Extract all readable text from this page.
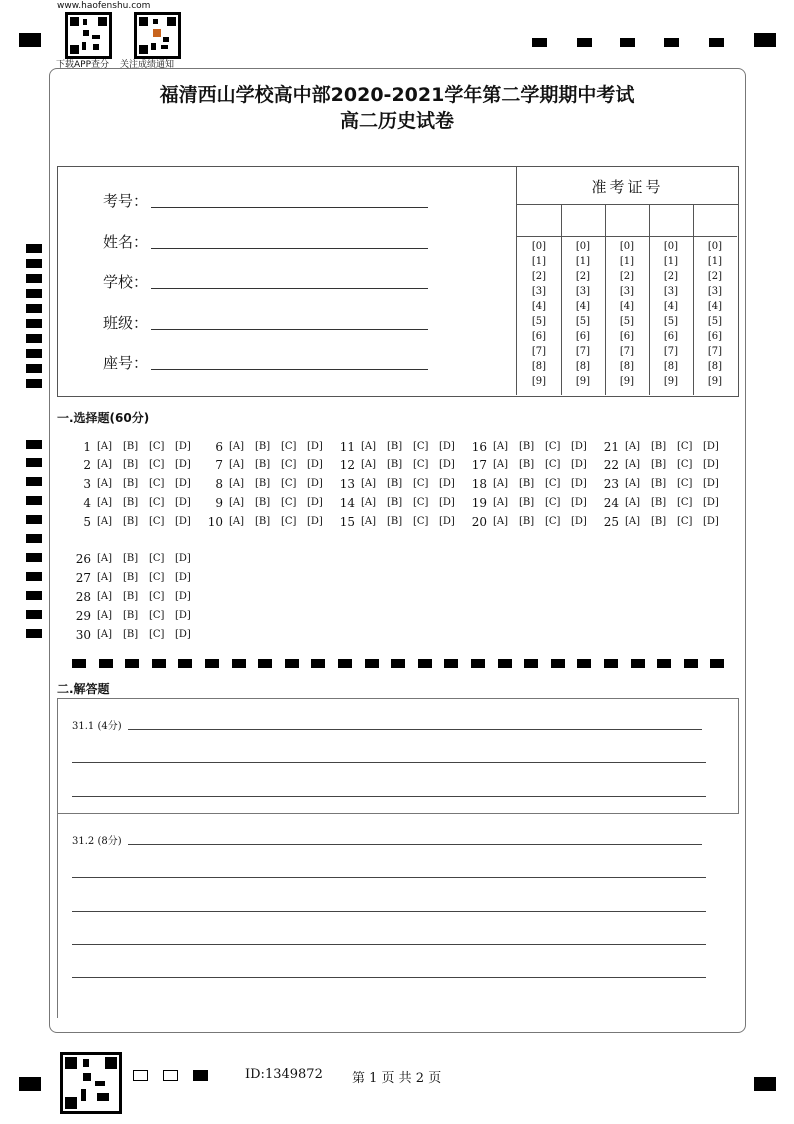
www.haofenshu.com
下载APP查分 关注成绩通知
福清西山学校高中部2020-2021学年第二学期期中考试
高二历史试卷
考号：
姓名：
学校：
班级：
座号：
准考证号
[0]
[1]
[2]
[3]
[4]
[5]
[6]
[7]
[8]
[9]
[0]
[1]
[2]
[3]
[4]
[5]
[6]
[7]
[8]
[9]
[0]
[1]
[2]
[3]
[4]
[5]
[6]
[7]
[8]
[9]
[0]
[1]
[2]
[3]
[4]
[5]
[6]
[7]
[8]
[9]
[0]
[1]
[2]
[3]
[4]
[5]
[6]
[7]
[8]
[9]
一.选择题(60分)
1 [A] [B] [C] [D]
2 [A] [B] [C] [D]
3 [A] [B] [C] [D]
4 [A] [B] [C] [D]
5 [A] [B] [C] [D]
6 [A] [B] [C] [D]
7 [A] [B] [C] [D]
8 [A] [B] [C] [D]
9 [A] [B] [C] [D]
10 [A] [B] [C] [D]
11 [A] [B] [C] [D]
12 [A] [B] [C] [D]
13 [A] [B] [C] [D]
14 [A] [B] [C] [D]
15 [A] [B] [C] [D]
16 [A] [B] [C] [D]
17 [A] [B] [C] [D]
18 [A] [B] [C] [D]
19 [A] [B] [C] [D]
20 [A] [B] [C] [D]
21 [A] [B] [C] [D]
22 [A] [B] [C] [D]
23 [A] [B] [C] [D]
24 [A] [B] [C] [D]
25 [A] [B] [C] [D]
26 [A] [B] [C] [D]
27 [A] [B] [C] [D]
28 [A] [B] [C] [D]
29 [A] [B] [C] [D]
30 [A] [B] [C] [D]
二.解答题
31.1 (4分)
31.2 (8分)
ID:1349872 第 1 页 共 2 页
